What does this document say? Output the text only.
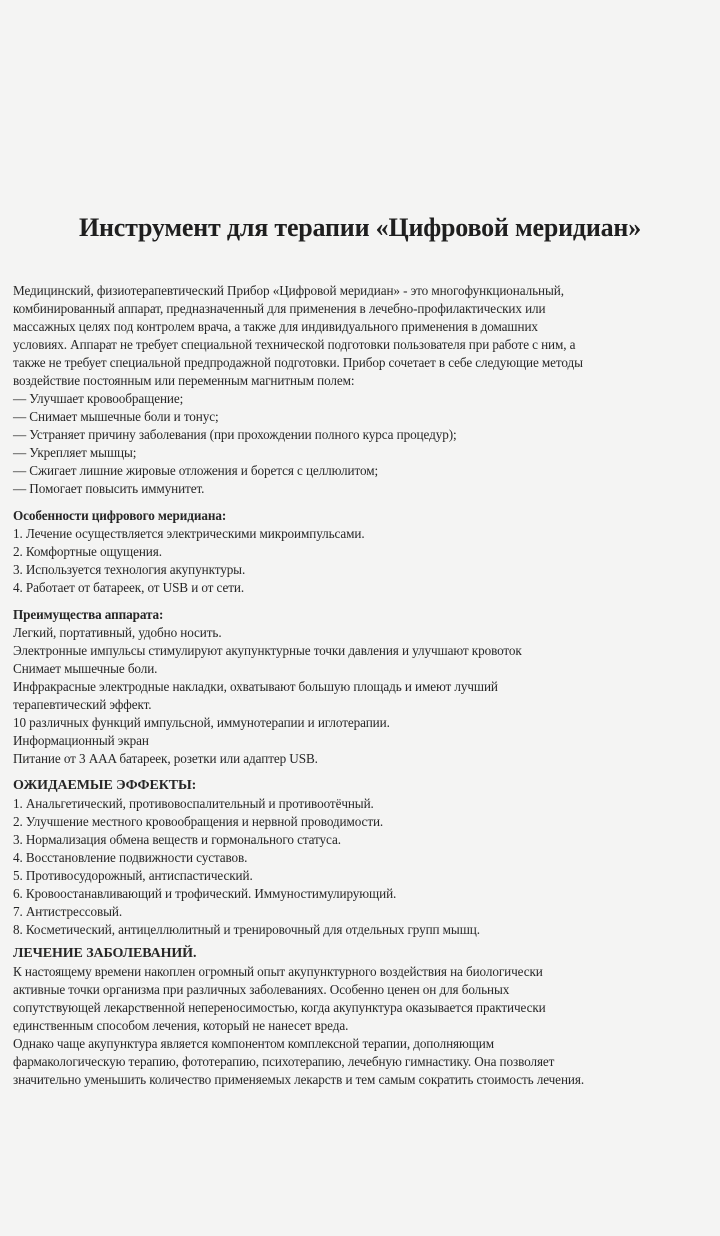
Инструмент для терапии «Цифровой меридиан»

Медицинский, физиотерапевтический Прибор «Цифровой меридиан» - это многофункциональный,

комбинированный аппарат, предназначенный для применения в лечебно-профилактических или

массажных целях под контролем врача, а также для индивидуального применения в домашних

условиях. Аппарат не требует специальной технической подготовки пользователя при работе с ним, а

также не требует специальной предпродажной подготовки. Прибор сочетает в себе следующие методы

воздействие постоянным или переменным магнитным полем:

— Улучшает кровообращение;

— Снимает мышечные боли и тонус;

— Устраняет причину заболевания (при прохождении полного курса процедур);

— Укрепляет мышцы;

— Сжигает лишние жировые отложения и борется с целлюлитом;

— Помогает повысить иммунитет.

Особенности цифрового меридиана:

1. Лечение осуществляется электрическими микроимпульсами.

2. Комфортные ощущения.

3. Используется технология акупунктуры.

4. Работает от батареек, от USB и от сети.

Преимущества аппарата:

Легкий, портативный, удобно носить.

Электронные импульсы стимулируют акупунктурные точки давления и улучшают кровоток

Снимает мышечные боли.

Инфракрасные электродные накладки, охватывают большую площадь и имеют лучший

терапевтический эффект.

10 различных функций импульсной, иммунотерапии и иглотерапии.

Информационный экран

Питание от 3 AAA батареек, розетки или адаптер USB.

ОЖИДАЕМЫЕ ЭФФЕКТЫ:

1. Анальгетический, противовоспалительный и противоотёчный.

2. Улучшение местного кровообращения и нервной проводимости.

3. Нормализация обмена веществ и гормонального статуса.

4. Восстановление подвижности суставов.

5. Противосудорожный, антиспастический.

6. Кровоостанавливающий и трофический. Иммуностимулирующий.

7. Антистрессовый.

8. Косметический, антицеллюлитный и тренировочный для отдельных групп мышц.

ЛЕЧЕНИЕ ЗАБОЛЕВАНИЙ.

К настоящему времени накоплен огромный опыт акупунктурного воздействия на биологически

активные точки организма при различных заболеваниях. Особенно ценен он для больных

сопутствующей лекарственной непереносимостью, когда акупунктура оказывается практически

единственным способом лечения, который не нанесет вреда.

Однако чаще акупунктура является компонентом комплексной терапии, дополняющим

фармакологическую терапию, фототерапию, психотерапию, лечебную гимнастику. Она позволяет

значительно уменьшить количество применяемых лекарств и тем самым сократить стоимость лечения.
